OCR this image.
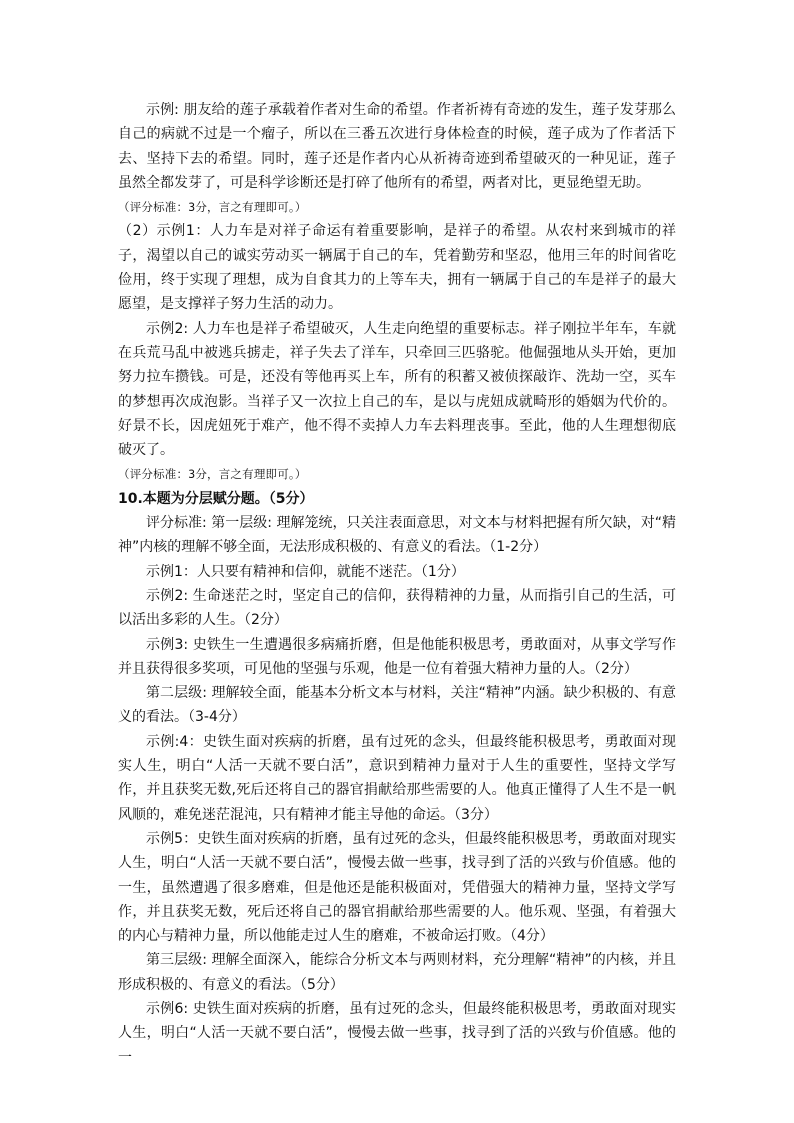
示例: 朋友给的莲子承载着作者对生命的希望。作者祈祷有奇迹的发生，莲子发芽那么自己的病就不过是一个瘤子，所以在三番五次进行身体检查的时候，莲子成为了作者活下去、坚持下去的希望。同时，莲子还是作者内心从祈祷奇迹到希望破灭的一种见证，莲子虽然全都发芽了，可是科学诊断还是打碎了他所有的希望，两者对比，更显绝望无助。

（评分标准：3分，言之有理即可。）

（2）示例1：人力车是对祥子命运有着重要影响，是祥子的希望。从农村来到城市的祥子，渴望以自己的诚实劳动买一辆属于自己的车，凭着勤劳和坚忍，他用三年的时间省吃俭用，终于实现了理想，成为自食其力的上等车夫，拥有一辆属于自己的车是祥子的最大愿望，是支撑祥子努力生活的动力。

示例2: 人力车也是祥子希望破灭，人生走向绝望的重要标志。祥子刚拉半年车，车就在兵荒马乱中被逃兵掳走，祥子失去了洋车，只牵回三匹骆驼。他倔强地从头开始，更加努力拉车攒钱。可是，还没有等他再买上车，所有的积蓄又被侦探敲诈、洗劫一空，买车的梦想再次成泡影。当祥子又一次拉上自己的车，是以与虎妞成就畸形的婚姻为代价的。好景不长，因虎妞死于难产，他不得不卖掉人力车去料理丧事。至此，他的人生理想彻底破灭了。

（评分标准：3分，言之有理即可。）

10.本题为分层赋分题。（5分）

评分标准: 第一层级: 理解笼统，只关注表面意思，对文本与材料把握有所欠缺，对“精神”内核的理解不够全面，无法形成积极的、有意义的看法。（1-2分）

示例1：人只要有精神和信仰，就能不迷茫。（1分）

示例2: 生命迷茫之时，坚定自己的信仰，获得精神的力量，从而指引自己的生活，可以活出多彩的人生。（2分）

示例3: 史铁生一生遭遇很多病痛折磨，但是他能积极思考，勇敢面对，从事文学写作并且获得很多奖项，可见他的坚强与乐观，他是一位有着强大精神力量的人。（2分）

第二层级: 理解较全面，能基本分析文本与材料，关注“精神”内涵。缺少积极的、有意义的看法。（3-4分）

示例:4：史铁生面对疾病的折磨，虽有过死的念头，但最终能积极思考，勇敢面对现实人生，明白“人活一天就不要白活”，意识到精神力量对于人生的重要性，坚持文学写作，并且获奖无数,死后还将自己的器官捐献给那些需要的人。他真正懂得了人生不是一帆风顺的，难免迷茫混沌，只有精神才能主导他的命运。（3分）

示例5：史铁生面对疾病的折磨，虽有过死的念头，但最终能积极思考，勇敢面对现实人生，明白“人活一天就不要白活”，慢慢去做一些事，找寻到了活的兴致与价值感。他的一生，虽然遭遇了很多磨难，但是他还是能积极面对，凭借强大的精神力量，坚持文学写作，并且获奖无数，死后还将自己的器官捐献给那些需要的人。他乐观、坚强，有着强大的内心与精神力量，所以他能走过人生的磨难，不被命运打败。（4分）

第三层级: 理解全面深入，能综合分析文本与两则材料，充分理解“精神”的内核，并且形成积极的、有意义的看法。（5分）

示例6: 史铁生面对疾病的折磨，虽有过死的念头，但最终能积极思考，勇敢面对现实人生，明白“人活一天就不要白活”，慢慢去做一些事，找寻到了活的兴致与价值感。他的一
